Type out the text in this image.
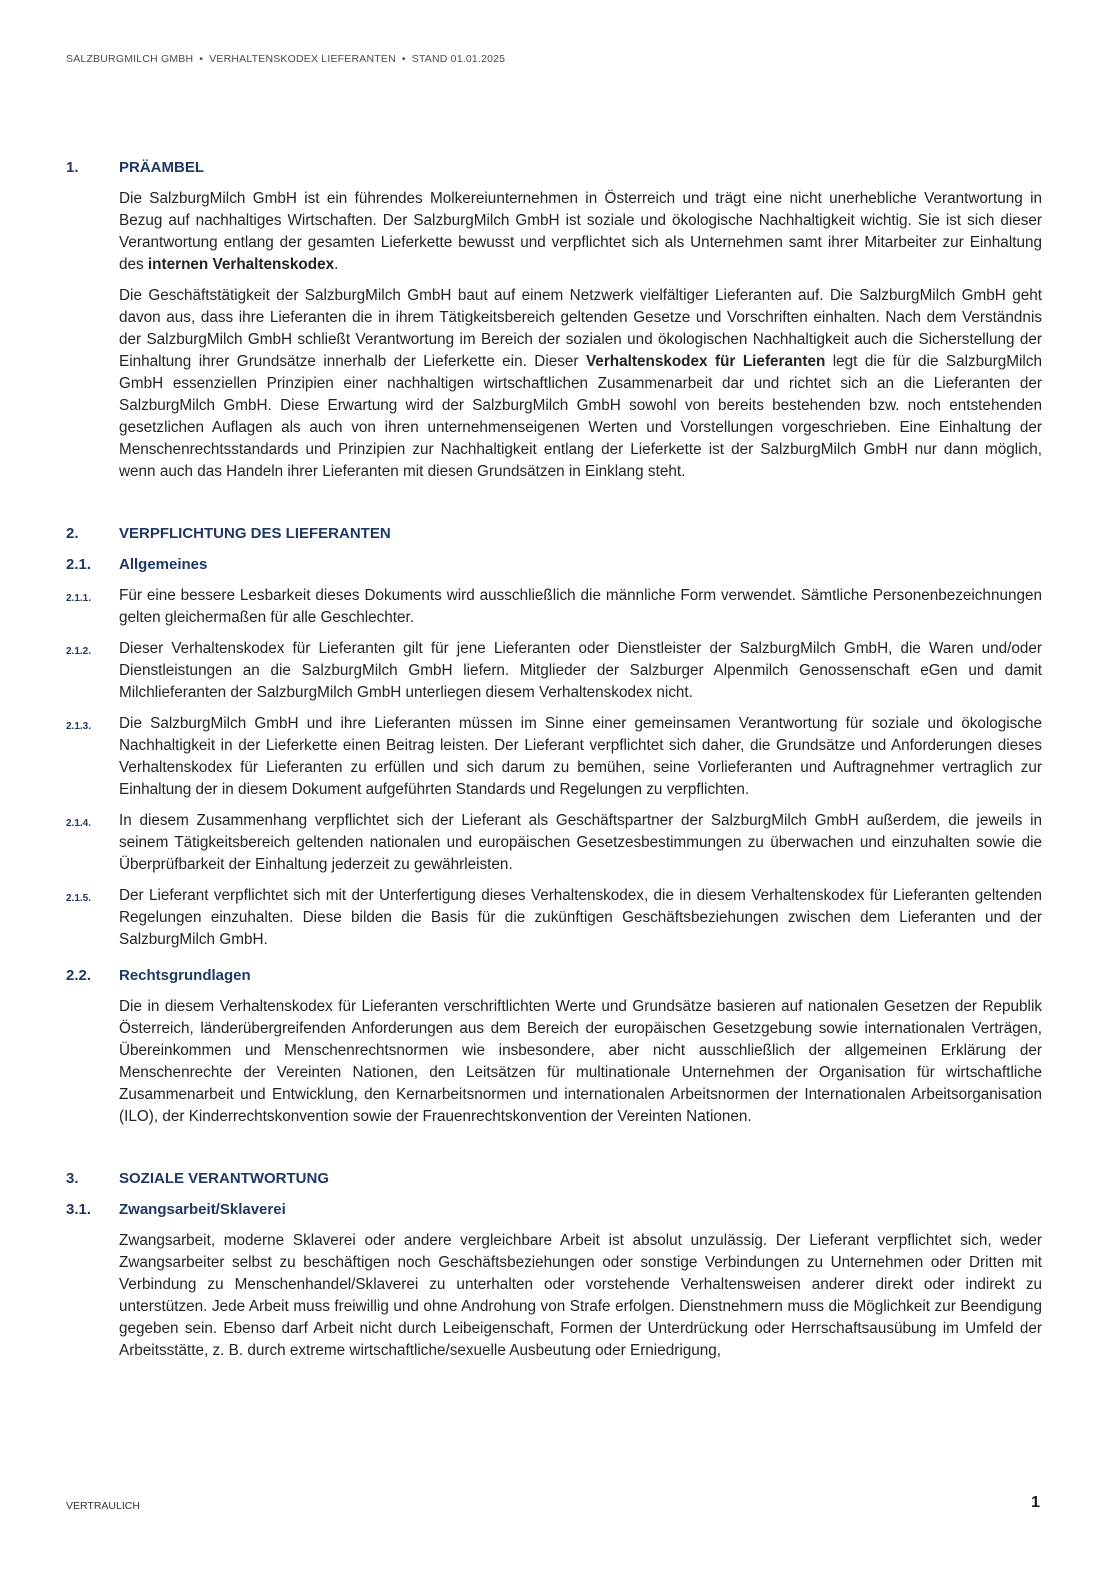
SALZBURGMILCH GMBH • VERHALTENSKODEX LIEFERANTEN • STAND 01.01.2025
1.	PRÄAMBEL

Die SalzburgMilch GmbH ist ein führendes Molkereiunternehmen in Österreich und trägt eine nicht unerhebliche Verantwortung in Bezug auf nachhaltiges Wirtschaften. Der SalzburgMilch GmbH ist soziale und ökologische Nachhaltigkeit wichtig. Sie ist sich dieser Verantwortung entlang der gesamten Lieferkette bewusst und verpflichtet sich als Unternehmen samt ihrer Mitarbeiter zur Einhaltung des internen Verhaltenskodex.

Die Geschäftstätigkeit der SalzburgMilch GmbH baut auf einem Netzwerk vielfältiger Lieferanten auf. Die SalzburgMilch GmbH geht davon aus, dass ihre Lieferanten die in ihrem Tätigkeitsbereich geltenden Gesetze und Vorschriften einhalten. Nach dem Verständnis der SalzburgMilch GmbH schließt Verantwortung im Bereich der sozialen und ökologischen Nachhaltigkeit auch die Sicherstellung der Einhaltung ihrer Grundsätze innerhalb der Lieferkette ein. Dieser Verhaltenskodex für Lieferanten legt die für die SalzburgMilch GmbH essenziellen Prinzipien einer nachhaltigen wirtschaftlichen Zusammenarbeit dar und richtet sich an die Lieferanten der SalzburgMilch GmbH. Diese Erwartung wird der SalzburgMilch GmbH sowohl von bereits bestehenden bzw. noch entstehenden gesetzlichen Auflagen als auch von ihren unternehmenseigenen Werten und Vorstellungen vorgeschrieben. Eine Einhaltung der Menschenrechtsstandards und Prinzipien zur Nachhaltigkeit entlang der Lieferkette ist der SalzburgMilch GmbH nur dann möglich, wenn auch das Handeln ihrer Lieferanten mit diesen Grundsätzen in Einklang steht.

2.	VERPFLICHTUNG DES LIEFERANTEN
2.1. Allgemeines
2.1.1. Für eine bessere Lesbarkeit dieses Dokuments wird ausschließlich die männliche Form verwendet. Sämtliche Personenbezeichnungen gelten gleichermaßen für alle Geschlechter.
2.1.2. Dieser Verhaltenskodex für Lieferanten gilt für jene Lieferanten oder Dienstleister der SalzburgMilch GmbH, die Waren und/oder Dienstleistungen an die SalzburgMilch GmbH liefern. Mitglieder der Salzburger Alpenmilch Genossenschaft eGen und damit Milchlieferanten der SalzburgMilch GmbH unterliegen diesem Verhaltenskodex nicht.
2.1.3. Die SalzburgMilch GmbH und ihre Lieferanten müssen im Sinne einer gemeinsamen Verantwortung für soziale und ökologische Nachhaltigkeit in der Lieferkette einen Beitrag leisten. Der Lieferant verpflichtet sich daher, die Grundsätze und Anforderungen dieses Verhaltenskodex für Lieferanten zu erfüllen und sich darum zu bemühen, seine Vorlieferanten und Auftragnehmer vertraglich zur Einhaltung der in diesem Dokument aufgeführten Standards und Regelungen zu verpflichten.
2.1.4. In diesem Zusammenhang verpflichtet sich der Lieferant als Geschäftspartner der SalzburgMilch GmbH außerdem, die jeweils in seinem Tätigkeitsbereich geltenden nationalen und europäischen Gesetzesbestimmungen zu überwachen und einzuhalten sowie die Überprüfbarkeit der Einhaltung jederzeit zu gewährleisten.
2.1.5. Der Lieferant verpflichtet sich mit der Unterfertigung dieses Verhaltenskodex, die in diesem Verhaltenskodex für Lieferanten geltenden Regelungen einzuhalten. Diese bilden die Basis für die zukünftigen Geschäftsbeziehungen zwischen dem Lieferanten und der SalzburgMilch GmbH.
2.2. Rechtsgrundlagen

Die in diesem Verhaltenskodex für Lieferanten verschriftlichten Werte und Grundsätze basieren auf nationalen Gesetzen der Republik Österreich, länderübergreifenden Anforderungen aus dem Bereich der europäischen Gesetzgebung sowie internationalen Verträgen, Übereinkommen und Menschenrechtsnormen wie insbesondere, aber nicht ausschließlich der allgemeinen Erklärung der Menschenrechte der Vereinten Nationen, den Leitsätzen für multinationale Unternehmen der Organisation für wirtschaftliche Zusammenarbeit und Entwicklung, den Kernarbeitsnormen und internationalen Arbeitsnormen der Internationalen Arbeitsorganisation (ILO), der Kinderrechtskonvention sowie der Frauenrechtskonvention der Vereinten Nationen.

3.	SOZIALE VERANTWORTUNG
3.1. Zwangsarbeit/Sklaverei

Zwangsarbeit, moderne Sklaverei oder andere vergleichbare Arbeit ist absolut unzulässig. Der Lieferant verpflichtet sich, weder Zwangsarbeiter selbst zu beschäftigen noch Geschäftsbeziehungen oder sonstige Verbindungen zu Unternehmen oder Dritten mit Verbindung zu Menschenhandel/Sklaverei zu unterhalten oder vorstehende Verhaltensweisen anderer direkt oder indirekt zu unterstützen. Jede Arbeit muss freiwillig und ohne Androhung von Strafe erfolgen. Dienstnehmern muss die Möglichkeit zur Beendigung gegeben sein. Ebenso darf Arbeit nicht durch Leibeigenschaft, Formen der Unterdrückung oder Herrschaftsausübung im Umfeld der Arbeitsstätte, z. B. durch extreme wirtschaftliche/sexuelle Ausbeutung oder Erniedrigung,

VERTRAULICH	1
